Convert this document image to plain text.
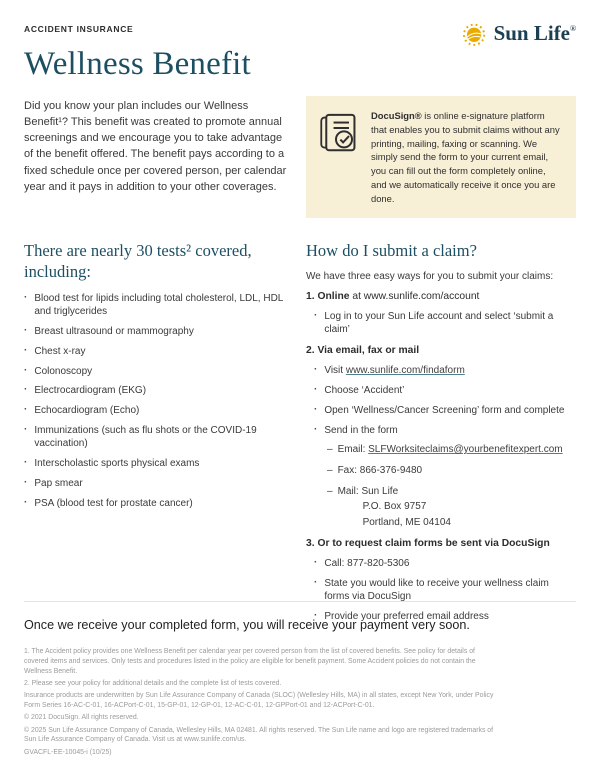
ACCIDENT INSURANCE
Wellness Benefit
Sun Life®

Did you know your plan includes our Wellness Benefit¹? This benefit was created to promote annual screenings and we encourage you to take advantage of the benefit offered. The benefit pays according to a fixed schedule once per covered person, per calendar year and it pays in addition to your other coverages.

DocuSign® is online e-signature platform that enables you to submit claims without any printing, mailing, faxing or scanning. We simply send the form to your current email, you can fill out the form completely online, and we automatically receive it once you are done.
There are nearly 30 tests² covered, including:
· Blood test for lipids including total cholesterol, LDL, HDL and triglycerides
· Breast ultrasound or mammography
· Chest x-ray
· Colonoscopy
· Electrocardiogram (EKG)
· Echocardiogram (Echo)
· Immunizations (such as flu shots or the COVID-19 vaccination)
· Interscholastic sports physical exams
· Pap smear
· PSA (blood test for prostate cancer)
How do I submit a claim?

We have three easy ways for you to submit your claims:

1. Online at www.sunlife.com/account
· Log in to your Sun Life account and select ‘submit a claim’
2. Via email, fax or mail
· Visit www.sunlife.com/findaform
· Choose ‘Accident’
· Open ‘Wellness/Cancer Screening’ form and complete
· Send in the form
– Email: SLFWorksiteclaims@yourbenefitexpert.com
– Fax: 866-376-9480
– Mail: Sun Life
P.O. Box 9757
Portland, ME 04104
3. Or to request claim forms be sent via DocuSign
· Call: 877-820-5306
· State you would like to receive your wellness claim forms via DocuSign
· Provide your preferred email address

Once we receive your completed form, you will receive your payment very soon.

1. The Accident policy provides one Wellness Benefit per calendar year per covered person from the list of covered benefits. See policy for details of covered items and services. Only tests and procedures listed in the policy are eligible for benefit payment. Some Accident policies do not contain the Wellness Benefit.

2. Please see your policy for additional details and the complete list of tests covered.

Insurance products are underwritten by Sun Life Assurance Company of Canada (SLOC) (Wellesley Hills, MA) in all states, except New York, under Policy Form Series 16-AC-C-01, 16-ACPort-C-01, 15-GP-01, 12-GP-01, 12-AC-C-01, 12-GPPort-01 and 12-ACPort-C-01.

© 2021 DocuSign. All rights reserved.

© 2025 Sun Life Assurance Company of Canada, Wellesley Hills, MA 02481. All rights reserved. The Sun Life name and logo are registered trademarks of Sun Life Assurance Company of Canada. Visit us at www.sunlife.com/us.

GVACFL-EE-10045-i (10/25)
